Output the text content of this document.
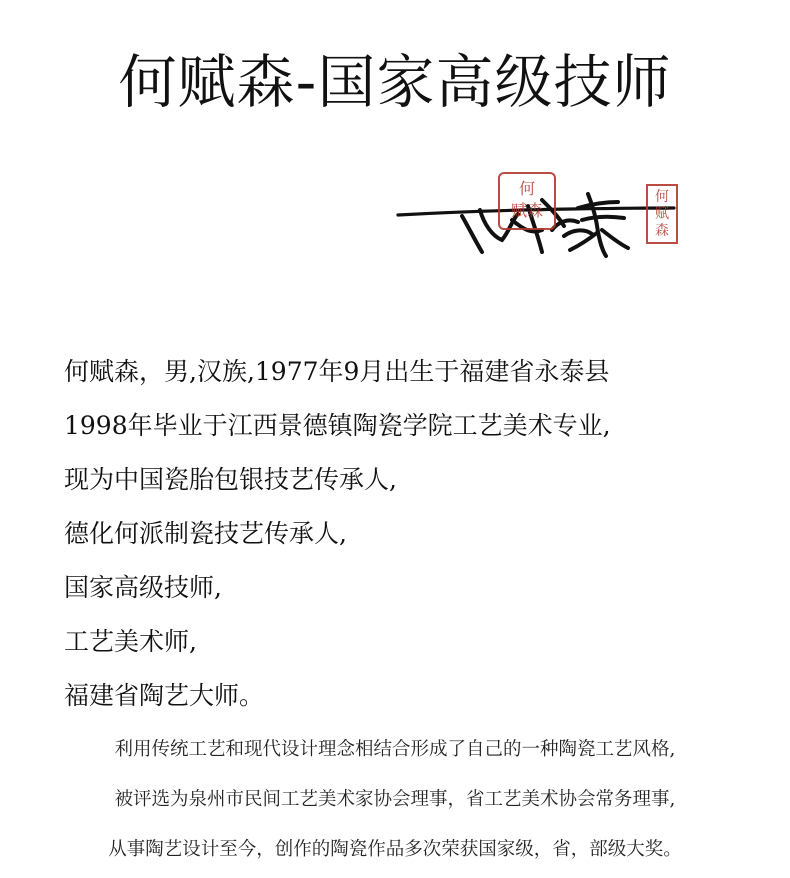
何赋森-国家高级技师
何
赋森
何
赋
森
何赋森，男,汉族,1977年9月出生于福建省永泰县
1998年毕业于江西景德镇陶瓷学院工艺美术专业,
现为中国瓷胎包银技艺传承人,
德化何派制瓷技艺传承人,
国家高级技师,
工艺美术师,
福建省陶艺大师。
利用传统工艺和现代设计理念相结合形成了自己的一种陶瓷工艺风格,
被评选为泉州市民间工艺美术家协会理事，省工艺美术协会常务理事,
从事陶艺设计至今，创作的陶瓷作品多次荣获国家级，省，部级大奖。
